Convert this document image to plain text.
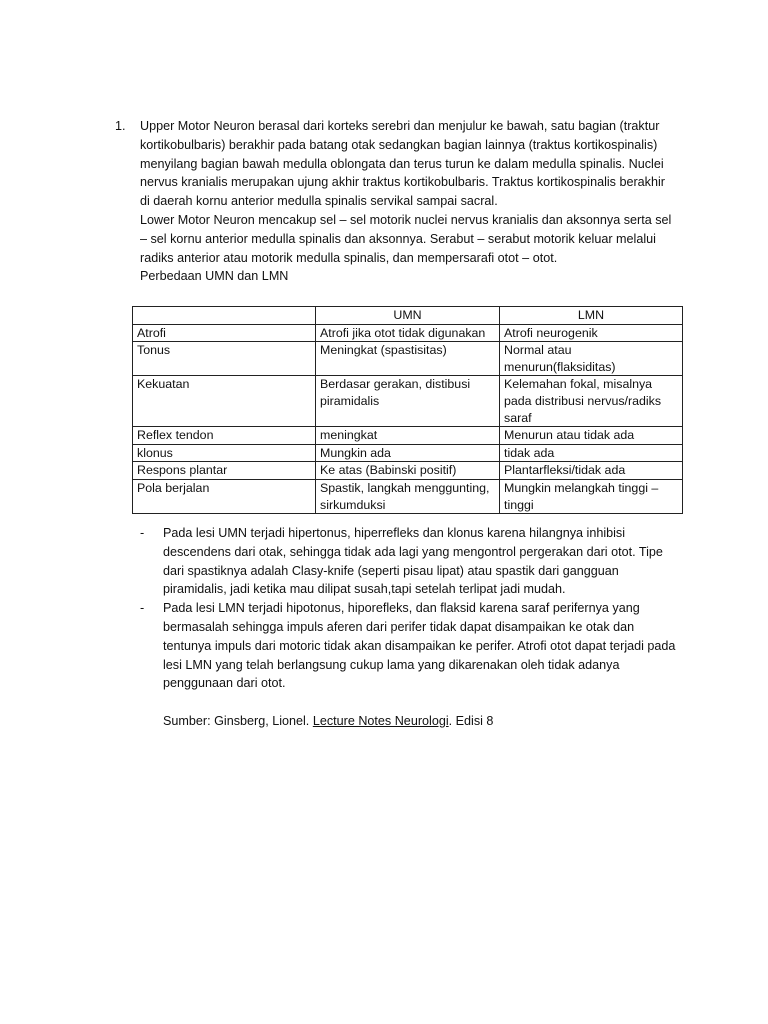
1. Upper Motor Neuron berasal dari korteks serebri dan menjulur ke bawah, satu bagian (traktur kortikobulbaris) berakhir pada batang otak sedangkan bagian lainnya (traktus kortikospinalis) menyilang bagian bawah medulla oblongata dan terus turun ke dalam medulla spinalis. Nuclei nervus kranialis merupakan ujung akhir traktus kortikobulbaris. Traktus kortikospinalis berakhir di daerah kornu anterior medulla spinalis servikal sampai sacral.

Lower Motor Neuron mencakup sel – sel motorik nuclei nervus kranialis dan aksonnya serta sel – sel kornu anterior medulla spinalis dan aksonnya. Serabut – serabut motorik keluar melalui radiks anterior atau motorik medulla spinalis, dan mempersarafi otot – otot.

Perbedaan UMN dan LMN

	UMN	LMN
Atrofi	Atrofi jika otot tidak digunakan	Atrofi neurogenik
Tonus	Meningkat (spastisitas)	Normal atau menurun(flaksiditas)
Kekuatan	Berdasar gerakan, distibusi piramidalis	Kelemahan fokal, misalnya pada distribusi nervus/radiks saraf
Reflex tendon	meningkat	Menurun atau tidak ada
klonus	Mungkin ada	tidak ada
Respons plantar	Ke atas (Babinski positif)	Plantarfleksi/tidak ada
Pola berjalan	Spastik, langkah menggunting, sirkumduksi	Mungkin melangkah tinggi – tinggi
- Pada lesi UMN terjadi hipertonus, hiperrefleks dan klonus karena hilangnya inhibisi descendens dari otak, sehingga tidak ada lagi yang mengontrol pergerakan dari otot. Tipe dari spastiknya adalah Clasy-knife (seperti pisau lipat) atau spastik dari gangguan piramidalis, jadi ketika mau dilipat susah,tapi setelah terlipat jadi mudah.
- Pada lesi LMN terjadi hipotonus, hiporefleks, dan flaksid karena saraf perifernya yang bermasalah sehingga impuls aferen dari perifer tidak dapat disampaikan ke otak dan tentunya impuls dari motoric tidak akan disampaikan ke perifer. Atrofi otot dapat terjadi pada lesi LMN yang telah berlangsung cukup lama yang dikarenakan oleh tidak adanya penggunaan dari otot.
Sumber: Ginsberg, Lionel. Lecture Notes Neurologi. Edisi 8
